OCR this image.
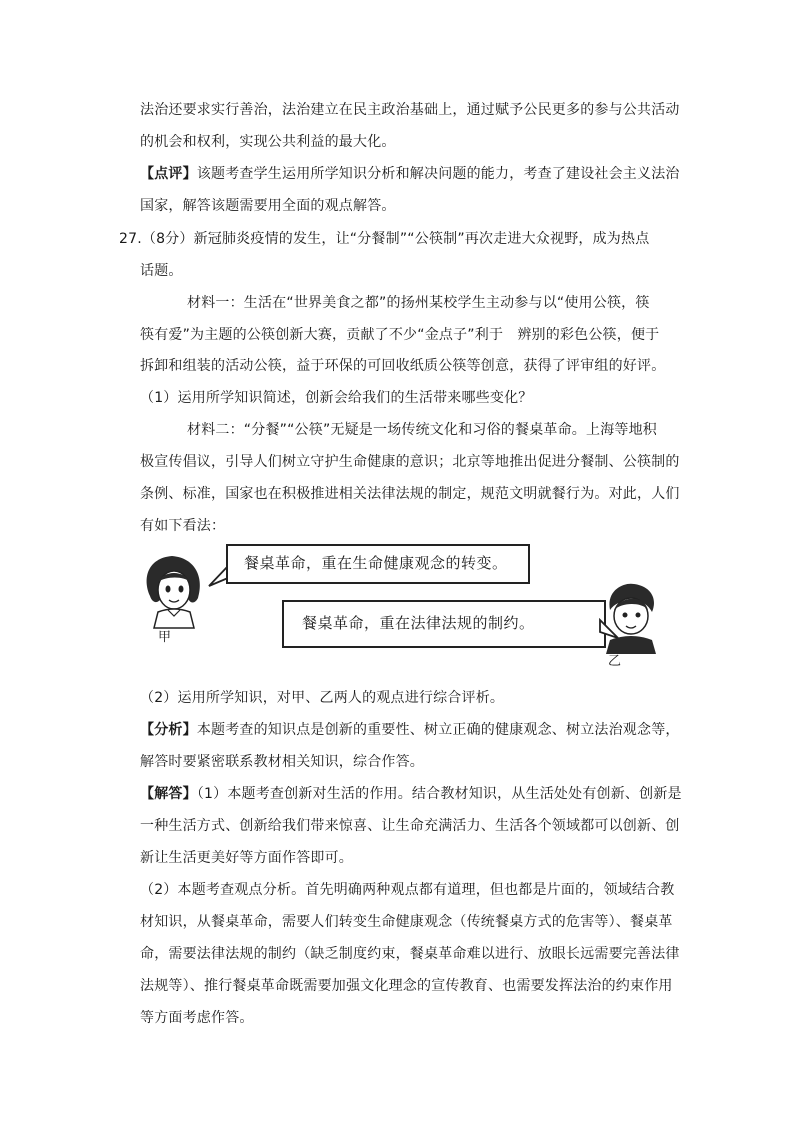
法治还要求实行善治，法治建立在民主政治基础上，通过赋予公民更多的参与公共活动
的机会和权利，实现公共利益的最大化。
【点评】该题考查学生运用所学知识分析和解决问题的能力，考查了建设社会主义法治
国家，解答该题需要用全面的观点解答。
27.（8分）新冠肺炎疫情的发生，让“分餐制”“公筷制”再次走进大众视野，成为热点
话题。
材料一：生活在“世界美食之都”的扬州某校学生主动参与以“使用公筷，筷
筷有爱”为主题的公筷创新大赛，贡献了不少“金点子”利于　辨别的彩色公筷，便于
拆卸和组装的活动公筷，益于环保的可回收纸质公筷等创意，获得了评审组的好评。
（1）运用所学知识简述，创新会给我们的生活带来哪些变化？
材料二：“分餐”“公筷”无疑是一场传统文化和习俗的餐桌革命。上海等地积
极宣传倡议，引导人们树立守护生命健康的意识；北京等地推出促进分餐制、公筷制的
条例、标准，国家也在积极推进相关法律法规的制定，规范文明就餐行为。对此，人们
有如下看法：
甲
餐桌革命，重在生命健康观念的转变。
餐桌革命，重在法律法规的制约。
乙
（2）运用所学知识，对甲、乙两人的观点进行综合评析。
【分析】本题考查的知识点是创新的重要性、树立正确的健康观念、树立法治观念等，
解答时要紧密联系教材相关知识，综合作答。
【解答】（1）本题考查创新对生活的作用。结合教材知识，从生活处处有创新、创新是
一种生活方式、创新给我们带来惊喜、让生命充满活力、生活各个领域都可以创新、创
新让生活更美好等方面作答即可。
（2）本题考查观点分析。首先明确两种观点都有道理，但也都是片面的，领域结合教
材知识，从餐桌革命，需要人们转变生命健康观念（传统餐桌方式的危害等）、餐桌革
命，需要法律法规的制约（缺乏制度约束，餐桌革命难以进行、放眼长远需要完善法律
法规等）、推行餐桌革命既需要加强文化理念的宣传教育、也需要发挥法治的约束作用
等方面考虑作答。
